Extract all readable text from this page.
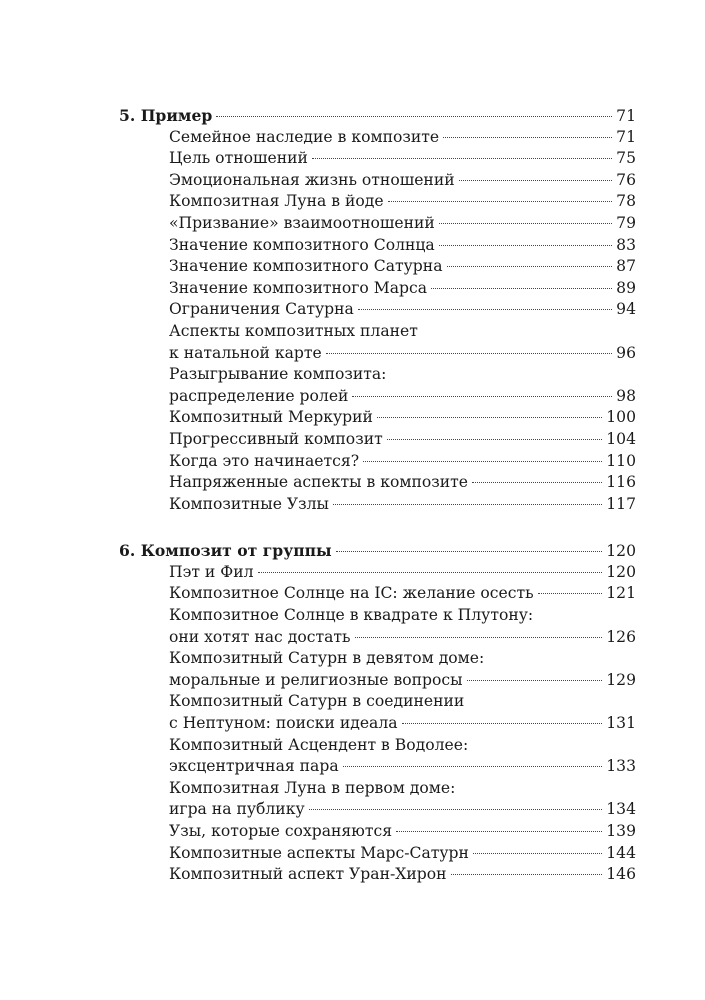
5. Пример	71
Семейное наследие в композите	71
Цель отношений	75
Эмоциональная жизнь отношений	76
Композитная Луна в йоде	78
«Призвание» взаимоотношений	79
Значение композитного Солнца	83
Значение композитного Сатурна	87
Значение композитного Марса	89
Ограничения Сатурна	94
Аспекты композитных планет
к натальной карте	96
Разыгрывание композита:
распределение ролей	98
Композитный Меркурий	100
Прогрессивный композит	104
Когда это начинается?	110
Напряженные аспекты в композите	116
Композитные Узлы	117
6. Композит от группы	120
Пэт и Фил	120
Композитное Солнце на IC: желание осесть	121
Композитное Солнце в квадрате к Плутону:
они хотят нас достать	126
Композитный Сатурн в девятом доме:
моральные и религиозные вопросы	129
Композитный Сатурн в соединении
с Нептуном: поиски идеала	131
Композитный Асцендент в Водолее:
эксцентричная пара	133
Композитная Луна в первом доме:
игра на публику	134
Узы, которые сохраняются	139
Композитные аспекты Марс-Сатурн	144
Композитный аспект Уран-Хирон	146
